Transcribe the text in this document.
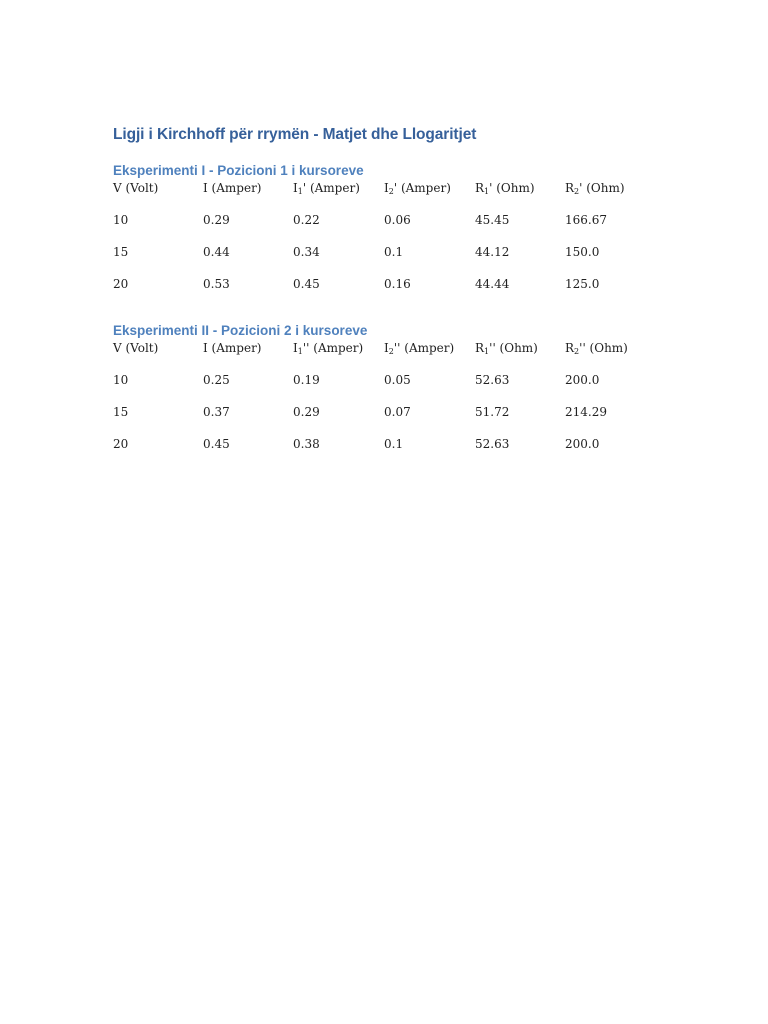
Ligji i Kirchhoff për rrymën - Matjet dhe Llogaritjet
Eksperimenti I - Pozicioni 1 i kursoreve
V (Volt)	I (Amper)	$I_1'$ (Amper)	$I_2'$ (Amper)	$R_1'$ (Ohm)	$R_2'$ (Ohm)
10	0.29	0.22	0.06	45.45	166.67
15	0.44	0.34	0.1	44.12	150.0
20	0.53	0.45	0.16	44.44	125.0
Eksperimenti II - Pozicioni 2 i kursoreve
V (Volt)	I (Amper)	$I_1''$ (Amper)	$I_2''$ (Amper)	$R_1''$ (Ohm)	$R_2''$ (Ohm)
10	0.25	0.19	0.05	52.63	200.0
15	0.37	0.29	0.07	51.72	214.29
20	0.45	0.38	0.1	52.63	200.0
